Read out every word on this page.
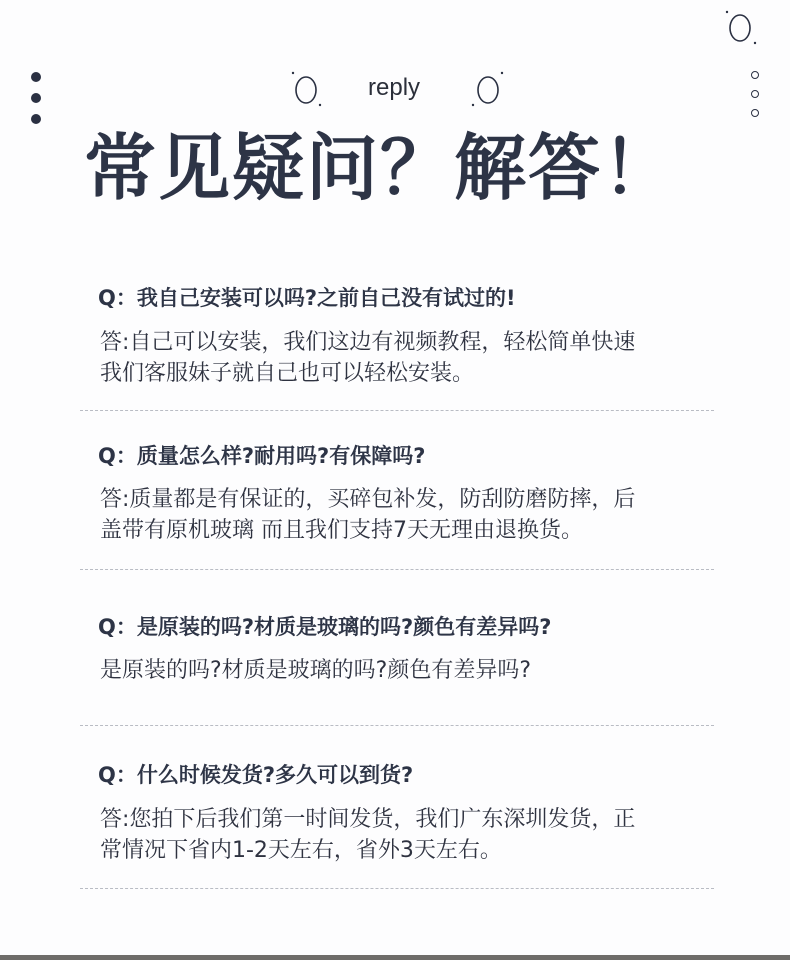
reply
常见疑问？解答！
Q：我自己安装可以吗?之前自己没有试过的!
答:自己可以安装，我们这边有视频教程，轻松简单快速
我们客服妹子就自己也可以轻松安装。
Q：质量怎么样?耐用吗?有保障吗?
答:质量都是有保证的，买碎包补发，防刮防磨防摔，后
盖带有原机玻璃 而且我们支持7天无理由退换货。
Q：是原装的吗?材质是玻璃的吗?颜色有差异吗?
是原装的吗?材质是玻璃的吗?颜色有差异吗?
Q：什么时候发货?多久可以到货?
答:您拍下后我们第一时间发货，我们广东深圳发货，正
常情况下省内1-2天左右，省外3天左右。
